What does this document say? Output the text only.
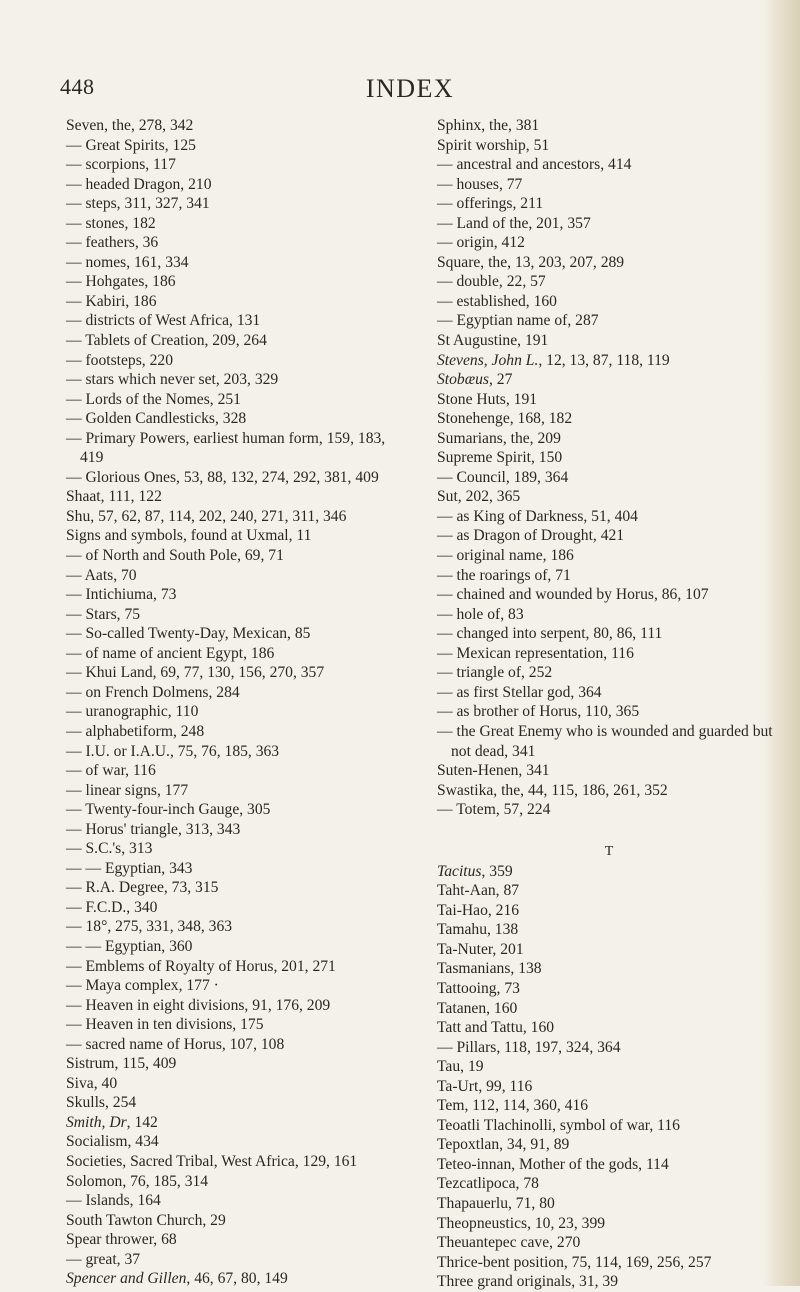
448	INDEX
Seven, the, 278, 342
— Great Spirits, 125
— scorpions, 117
— headed Dragon, 210
— steps, 311, 327, 341
— stones, 182
— feathers, 36
— nomes, 161, 334
— Hohgates, 186
— Kabiri, 186
— districts of West Africa, 131
— Tablets of Creation, 209, 264
— footsteps, 220
— stars which never set, 203, 329
— Lords of the Nomes, 251
— Golden Candlesticks, 328
— Primary Powers, earliest human form, 159, 183, 419
— Glorious Ones, 53, 88, 132, 274, 292, 381, 409
Shaat, 111, 122
Shu, 57, 62, 87, 114, 202, 240, 271, 311, 346
Signs and symbols, found at Uxmal, 11
— of North and South Pole, 69, 71
— Aats, 70
— Intichiuma, 73
— Stars, 75
— So-called Twenty-Day, Mexican, 85
— of name of ancient Egypt, 186
— Khui Land, 69, 77, 130, 156, 270, 357
— on French Dolmens, 284
— uranographic, 110
— alphabetiform, 248
— I.U. or I.A.U., 75, 76, 185, 363
— of war, 116
— linear signs, 177
— Twenty-four-inch Gauge, 305
— Horus' triangle, 313, 343
— S.C.'s, 313
— — Egyptian, 343
— R.A. Degree, 73, 315
— F.C.D., 340
— 18°, 275, 331, 348, 363
— — Egyptian, 360
— Emblems of Royalty of Horus, 201, 271
— Maya complex, 177 ·
— Heaven in eight divisions, 91, 176, 209
— Heaven in ten divisions, 175
— sacred name of Horus, 107, 108
Sistrum, 115, 409
Siva, 40
Skulls, 254
Smith, Dr, 142
Socialism, 434
Societies, Sacred Tribal, West Africa, 129, 161
Solomon, 76, 185, 314
— Islands, 164
South Tawton Church, 29
Spear thrower, 68
— great, 37
Spencer and Gillen, 46, 67, 80, 149
Sphinx, the, 381
Spirit worship, 51
— ancestral and ancestors, 414
— houses, 77
— offerings, 211
— Land of the, 201, 357
— origin, 412
Square, the, 13, 203, 207, 289
— double, 22, 57
— established, 160
— Egyptian name of, 287
St Augustine, 191
Stevens, John L., 12, 13, 87, 118, 119
Stobæus, 27
Stone Huts, 191
Stonehenge, 168, 182
Sumarians, the, 209
Supreme Spirit, 150
— Council, 189, 364
Sut, 202, 365
— as King of Darkness, 51, 404
— as Dragon of Drought, 421
— original name, 186
— the roarings of, 71
— chained and wounded by Horus, 86, 107
— hole of, 83
— changed into serpent, 80, 86, 111
— Mexican representation, 116
— triangle of, 252
— as first Stellar god, 364
— as brother of Horus, 110, 365
— the Great Enemy who is wounded and guarded but not dead, 341
Suten-Henen, 341
Swastika, the, 44, 115, 186, 261, 352
— Totem, 57, 224
T
Tacitus, 359
Taht-Aan, 87
Tai-Hao, 216
Tamahu, 138
Ta-Nuter, 201
Tasmanians, 138
Tattooing, 73
Tatanen, 160
Tatt and Tattu, 160
— Pillars, 118, 197, 324, 364
Tau, 19
Ta-Urt, 99, 116
Tem, 112, 114, 360, 416
Teoatli Tlachinolli, symbol of war, 116
Tepoxtlan, 34, 91, 89
Teteo-innan, Mother of the gods, 114
Tezcatlipoca, 78
Thapauerlu, 71, 80
Theopneustics, 10, 23, 399
Theuantepec cave, 270
Thrice-bent position, 75, 114, 169, 256, 257
Three grand originals, 31, 39
